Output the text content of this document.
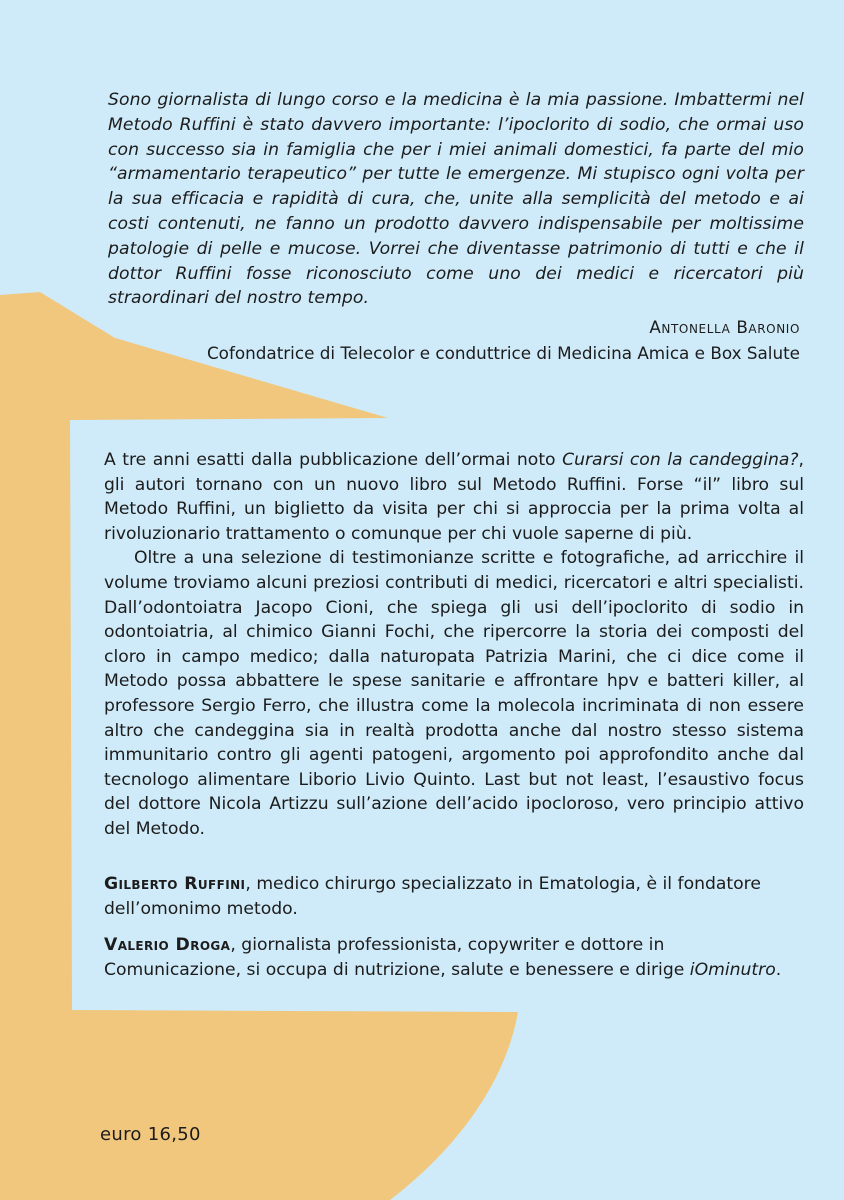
Sono giornalista di lungo corso e la medicina è la mia passione. Imbattermi nel Metodo Ruffini è stato davvero importante: l’ipoclorito di sodio, che ormai uso con successo sia in famiglia che per i miei animali domestici, fa parte del mio “armamentario terapeutico” per tutte le emergenze. Mi stupisco ogni volta per la sua efficacia e rapidità di cura, che, unite alla semplicità del metodo e ai costi contenuti, ne fanno un prodotto davvero indispensabile per moltissime patologie di pelle e mucose. Vorrei che diventasse patrimonio di tutti e che il dottor Ruffini fosse riconosciuto come uno dei medici e ricercatori più straordinari del nostro tempo.
Antonella Baronio
Cofondatrice di Telecolor e conduttrice di Medicina Amica e Box Salute

A tre anni esatti dalla pubblicazione dell’ormai noto Curarsi con la candeggina?, gli autori tornano con un nuovo libro sul Metodo Ruffini. Forse “il” libro sul Metodo Ruffini, un biglietto da visita per chi si approccia per la prima volta al rivoluzionario trattamento o comunque per chi vuole saperne di più.

Oltre a una selezione di testimonianze scritte e fotografiche, ad arricchire il volume troviamo alcuni preziosi contributi di medici, ricercatori e altri specialisti. Dall’odontoiatra Jacopo Cioni, che spiega gli usi dell’ipoclorito di sodio in odontoiatria, al chimico Gianni Fochi, che ripercorre la storia dei composti del cloro in campo medico; dalla naturopata Patrizia Marini, che ci dice come il Metodo possa abbattere le spese sanitarie e affrontare hpv e batteri killer, al professore Sergio Ferro, che illustra come la molecola incriminata di non essere altro che candeggina sia in realtà prodotta anche dal nostro stesso sistema immunitario contro gli agenti patogeni, argomento poi approfondito anche dal tecnologo alimentare Liborio Livio Quinto. Last but not least, l’esaustivo focus del dottore Nicola Artizzu sull’azione dell’acido ipocloroso, vero principio attivo del Metodo.

Gilberto Ruffini, medico chirurgo specializzato in Ematologia, è il fondatore dell’omonimo metodo.

Valerio Droga, giornalista professionista, copywriter e dottore in Comunicazione, si occupa di nutrizione, salute e benessere e dirige iOminutro.

euro 16,50
